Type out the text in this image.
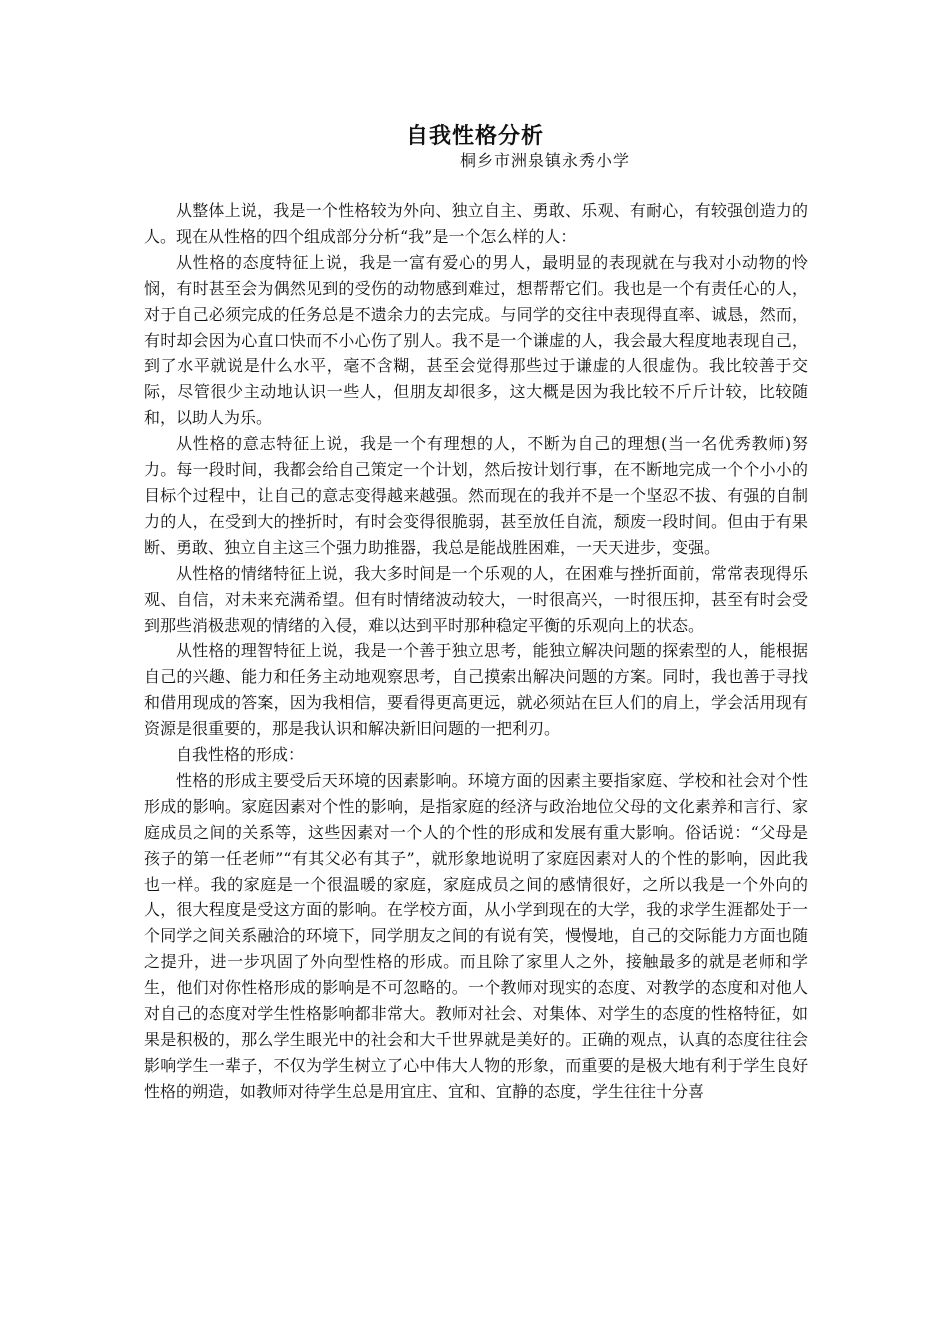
自我性格分析
桐乡市洲泉镇永秀小学

从整体上说，我是一个性格较为外向、独立自主、勇敢、乐观、有耐心，有较强创造力的人。现在从性格的四个组成部分分析“我”是一个怎么样的人：

从性格的态度特征上说，我是一富有爱心的男人，最明显的表现就在与我对小动物的怜悯，有时甚至会为偶然见到的受伤的动物感到难过，想帮帮它们。我也是一个有责任心的人，对于自己必须完成的任务总是不遗余力的去完成。与同学的交往中表现得直率、诚恳，然而，有时却会因为心直口快而不小心伤了别人。我不是一个谦虚的人，我会最大程度地表现自己，到了水平就说是什么水平，毫不含糊，甚至会觉得那些过于谦虚的人很虚伪。我比较善于交际，尽管很少主动地认识一些人，但朋友却很多，这大概是因为我比较不斤斤计较，比较随和，以助人为乐。

从性格的意志特征上说，我是一个有理想的人，不断为自己的理想(当一名优秀教师)努力。每一段时间，我都会给自己策定一个计划，然后按计划行事，在不断地完成一个个小小的目标个过程中，让自己的意志变得越来越强。然而现在的我并不是一个坚忍不拔、有强的自制力的人，在受到大的挫折时，有时会变得很脆弱，甚至放任自流，颓废一段时间。但由于有果断、勇敢、独立自主这三个强力助推器，我总是能战胜困难，一天天进步，变强。

从性格的情绪特征上说，我大多时间是一个乐观的人，在困难与挫折面前，常常表现得乐观、自信，对未来充满希望。但有时情绪波动较大，一时很高兴，一时很压抑，甚至有时会受到那些消极悲观的情绪的入侵，难以达到平时那种稳定平衡的乐观向上的状态。

从性格的理智特征上说，我是一个善于独立思考，能独立解决问题的探索型的人，能根据自己的兴趣、能力和任务主动地观察思考，自己摸索出解决问题的方案。同时，我也善于寻找和借用现成的答案，因为我相信，要看得更高更远，就必须站在巨人们的肩上，学会活用现有资源是很重要的，那是我认识和解决新旧问题的一把利刃。

自我性格的形成：

性格的形成主要受后天环境的因素影响。环境方面的因素主要指家庭、学校和社会对个性形成的影响。家庭因素对个性的影响，是指家庭的经济与政治地位父母的文化素养和言行、家庭成员之间的关系等，这些因素对一个人的个性的形成和发展有重大影响。俗话说：“父母是孩子的第一任老师”“有其父必有其子”，就形象地说明了家庭因素对人的个性的影响，因此我也一样。我的家庭是一个很温暖的家庭，家庭成员之间的感情很好，之所以我是一个外向的人，很大程度是受这方面的影响。在学校方面，从小学到现在的大学，我的求学生涯都处于一个同学之间关系融洽的环境下，同学朋友之间的有说有笑，慢慢地，自己的交际能力方面也随之提升，进一步巩固了外向型性格的形成。而且除了家里人之外，接触最多的就是老师和学生，他们对你性格形成的影响是不可忽略的。一个教师对现实的态度、对教学的态度和对他人对自己的态度对学生性格影响都非常大。教师对社会、对集体、对学生的态度的性格特征，如果是积极的，那么学生眼光中的社会和大千世界就是美好的。正确的观点，认真的态度往往会影响学生一辈子，不仅为学生树立了心中伟大人物的形象，而重要的是极大地有利于学生良好性格的朔造，如教师对待学生总是用宜庄、宜和、宜静的态度，学生往往十分喜
